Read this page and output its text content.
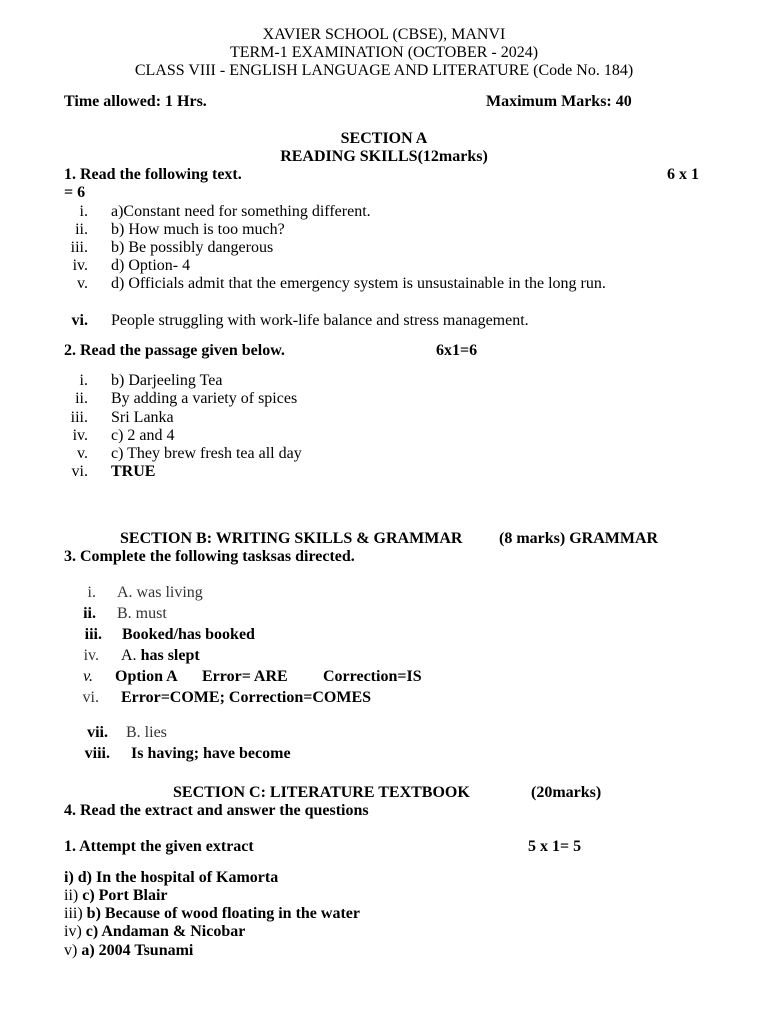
XAVIER SCHOOL (CBSE), MANVI
TERM-1 EXAMINATION (OCTOBER - 2024)
CLASS VIII - ENGLISH LANGUAGE AND LITERATURE (Code No. 184)
Time allowed: 1 Hrs.	Maximum Marks: 40
SECTION A
READING SKILLS(12marks)
1. Read the following text.	6 x 1
= 6
i. a)Constant need for something different.
ii. b) How much is too much?
iii. b) Be possibly dangerous
iv. d) Option- 4
v. d) Officials admit that the emergency system is unsustainable in the long run.
vi. People struggling with work-life balance and stress management.
2. Read the passage given below.	6x1=6
i. b) Darjeeling Tea
ii. By adding a variety of spices
iii. Sri Lanka
iv. c) 2 and 4
v. c) They brew fresh tea all day
vi. TRUE
SECTION B: WRITING SKILLS & GRAMMAR (8 marks) GRAMMAR
3. Complete the following tasksas directed.
i. A. was living
ii. B. must
iii. Booked/has booked
iv. A. has slept
v. Option A Error= ARE Correction=IS
vi. Error=COME; Correction=COMES
vii. B. lies
viii. Is having; have become
SECTION C: LITERATURE TEXTBOOK	(20marks)
4. Read the extract and answer the questions
1. Attempt the given extract	5 x 1= 5
i) d) In the hospital of Kamorta
ii) c) Port Blair
iii) b) Because of wood floating in the water
iv) c) Andaman & Nicobar
v) a) 2004 Tsunami
